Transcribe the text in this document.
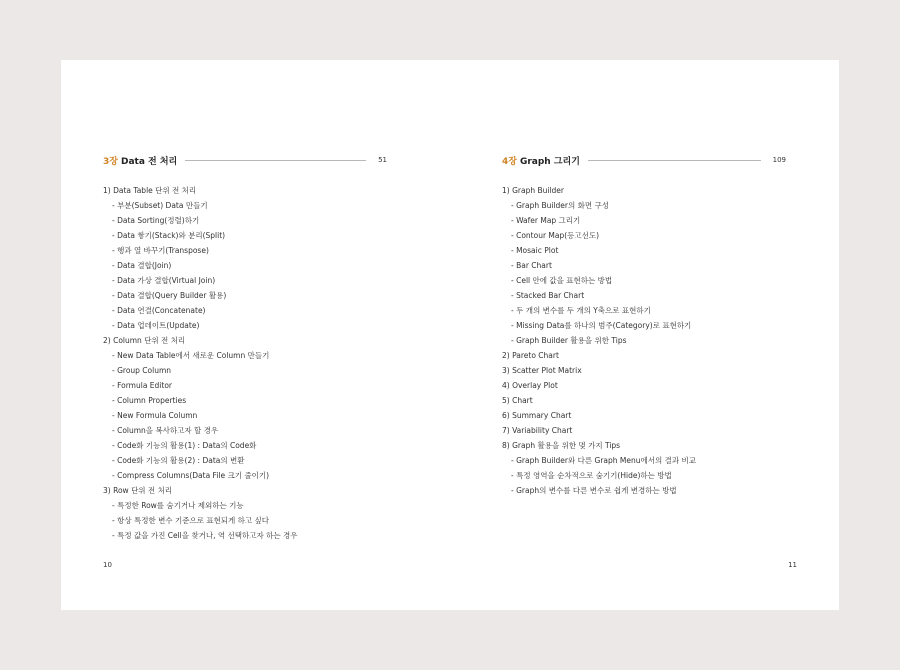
3장 Data 전 처리	51
1) Data Table 단위 전 처리
- 부분(Subset) Data 만들기
- Data Sorting(정렬)하기
- Data 쌓기(Stack)와 분리(Split)
- 행과 열 바꾸기(Transpose)
- Data 결합(Join)
- Data 가상 결합(Virtual Join)
- Data 결합(Query Builder 활용)
- Data 연결(Concatenate)
- Data 업데이트(Update)
2) Column 단위 전 처리
- New Data Table에서 새로운 Column 만들기
- Group Column
- Formula Editor
- Column Properties
- New Formula Column
- Column을 복사하고자 할 경우
- Code화 기능의 활용(1) : Data의 Code화
- Code화 기능의 활용(2) : Data의 변환
- Compress Columns(Data File 크기 줄이기)
3) Row 단위 전 처리
- 특정한 Row를 숨기거나 제외하는 기능
- 항상 특정한 변수 기준으로 표현되게 하고 싶다
- 특정 값을 가진 Cell을 찾거나, 역 선택하고자 하는 경우
10
4장 Graph 그리기	109
1) Graph Builder
- Graph Builder의 화면 구성
- Wafer Map 그리기
- Contour Map(등고선도)
- Mosaic Plot
- Bar Chart
- Cell 안에 값을 표현하는 방법
- Stacked Bar Chart
- 두 개의 변수를 두 개의 Y축으로 표현하기
- Missing Data를 하나의 범주(Category)로 표현하기
- Graph Builder 활용을 위한 Tips
2) Pareto Chart
3) Scatter Plot Matrix
4) Overlay Plot
5) Chart
6) Summary Chart
7) Variability Chart
8) Graph 활용을 위한 몇 가지 Tips
- Graph Builder와 다른 Graph Menu에서의 결과 비교
- 특정 영역을 순차적으로 숨기기(Hide)하는 방법
- Graph의 변수를 다른 변수로 쉽게 변경하는 방법
11
